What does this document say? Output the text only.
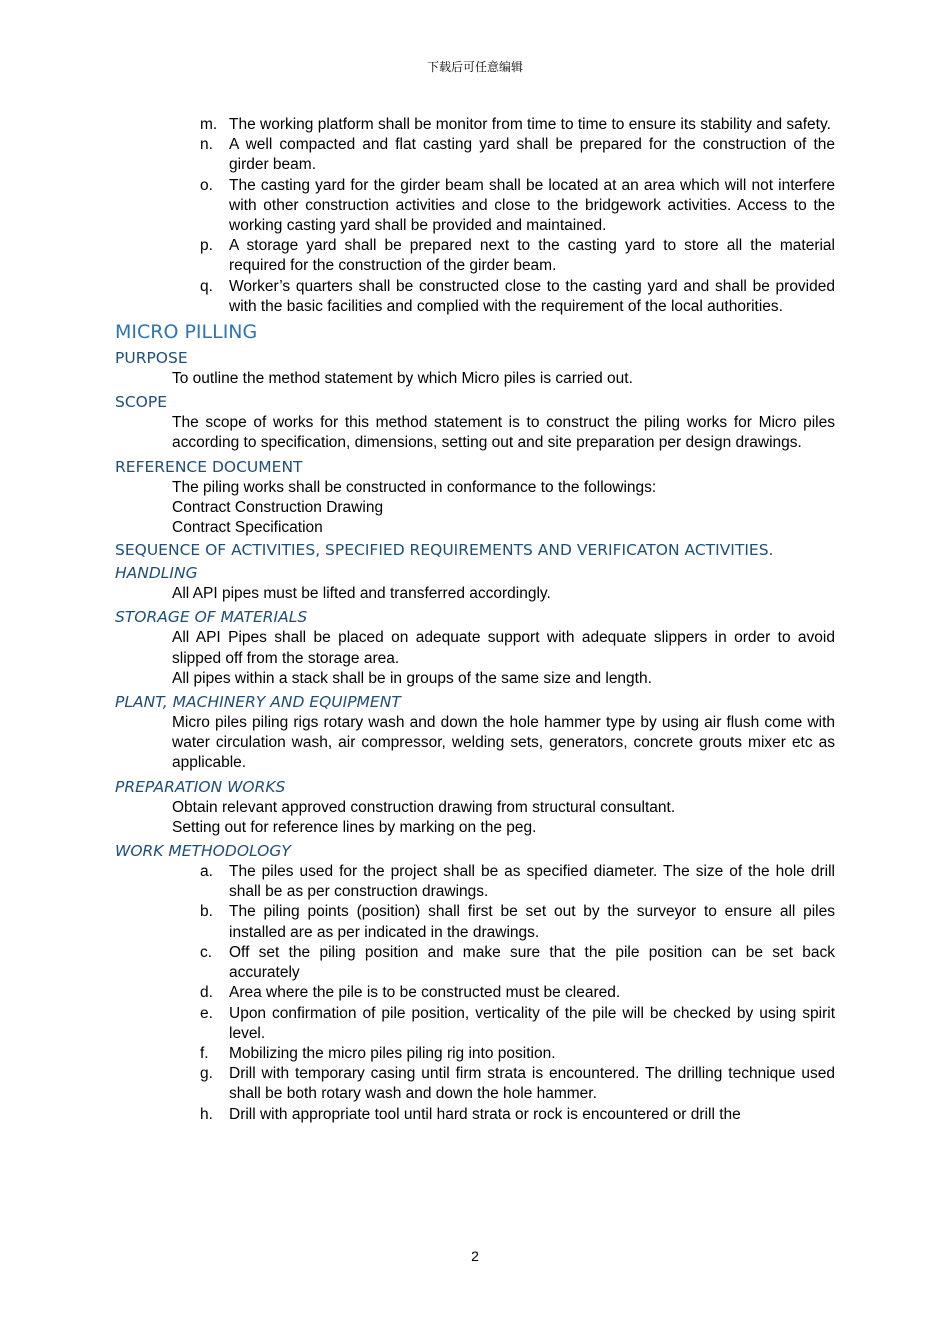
下载后可任意编辑
m. The working platform shall be monitor from time to time to ensure its stability and safety.
n.	A well compacted and flat casting yard shall be prepared for the construction of the girder beam.
o.	The casting yard for the girder beam shall be located at an area which will not interfere with other construction activities and close to the bridgework activities. Access to the working casting yard shall be provided and maintained.
p.	A storage yard shall be prepared next to the casting yard to store all the material required for the construction of the girder beam.
q.	Worker’s quarters shall be constructed close to the casting yard and shall be provided with the basic facilities and complied with the requirement of the local authorities.
MICRO PILLING
PURPOSE
To outline the method statement by which Micro piles is carried out.
SCOPE
The scope of works for this method statement is to construct the piling works for Micro piles according to specification, dimensions, setting out and site preparation per design drawings.
REFERENCE DOCUMENT
The piling works shall be constructed in conformance to the followings:
Contract Construction Drawing
Contract Specification
SEQUENCE OF ACTIVITIES, SPECIFIED REQUIREMENTS AND VERIFICATON ACTIVITIES.
HANDLING
All API pipes must be lifted and transferred accordingly.
STORAGE OF MATERIALS
All API Pipes shall be placed on adequate support with adequate slippers in order to avoid slipped off from the storage area.
All pipes within a stack shall be in groups of the same size and length.
PLANT, MACHINERY AND EQUIPMENT
Micro piles piling rigs rotary wash and down the hole hammer type by using air flush come with water circulation wash, air compressor, welding sets, generators, concrete grouts mixer etc as applicable.
PREPARATION WORKS
Obtain relevant approved construction drawing from structural consultant.
Setting out for reference lines by marking on the peg.
WORK METHODOLOGY
a.	The piles used for the project shall be as specified diameter. The size of the hole drill shall be as per construction drawings.
b.	The piling points (position) shall first be set out by the surveyor to ensure all piles installed are as per indicated in the drawings.
c.	Off set the piling position and make sure that the pile position can be set back accurately
d.	Area where the pile is to be constructed must be cleared.
e.	Upon confirmation of pile position, verticality of the pile will be checked by using spirit level.
f.	Mobilizing the micro piles piling rig into position.
g.	Drill with temporary casing until firm strata is encountered. The drilling technique used shall be both rotary wash and down the hole hammer.
h.	Drill with appropriate tool until hard strata or rock is encountered or drill the
2
